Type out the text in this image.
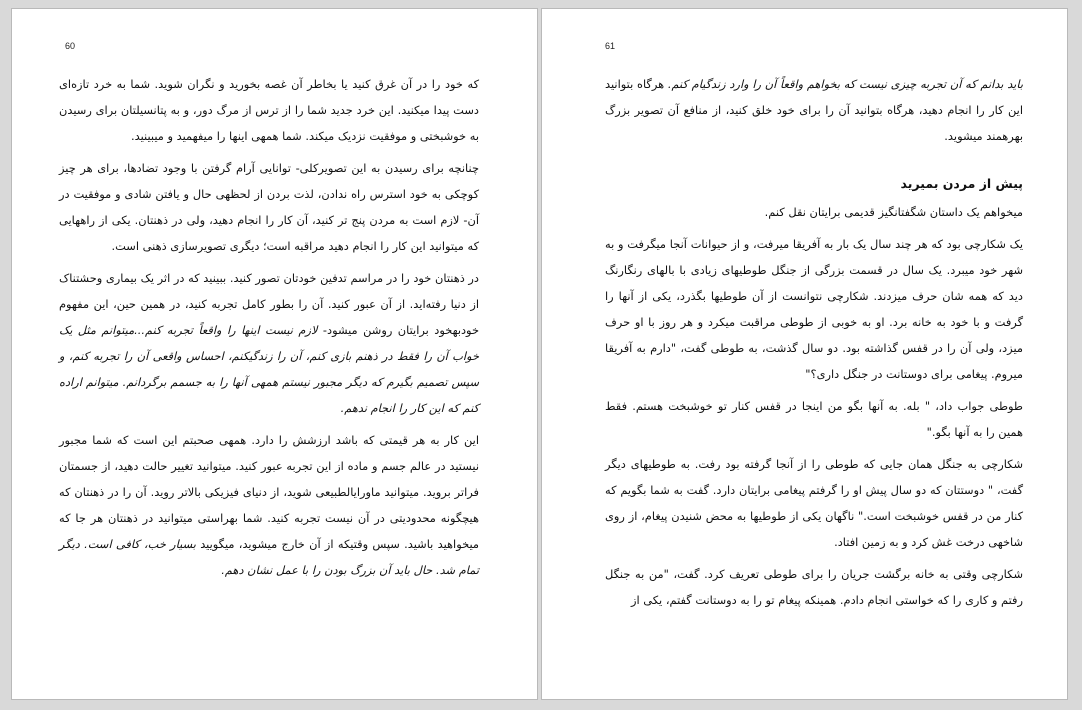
60

که خود را در آن غرق کنید یا بخاطر آن غصه بخورید و نگران شوید. شما به خرد تازه‌ای دست پیدا میکنید. این خرد جدید شما را از ترس از مرگ دور، و به پتانسیلتان برای رسیدن به خوشبختی و موفقیت نزدیک میکند. شما همهی اینها را میفهمید و میبینید.

چنانچه برای رسیدن به این تصویرکلی- توانایی آرام گرفتن با وجود تضادها، برای هر چیز کوچکی به خود استرس راه ندادن، لذت بردن از لحظهی حال و یافتن شادی و موفقیت در آن- لازم است به مردن پنج تر کنید، آن کار را انجام دهید، ولی در ذهنتان. یکی از راههایی که میتوانید این کار را انجام دهید مراقبه است؛ دیگری تصویرسازی ذهنی است.

در ذهنتان خود را در مراسم تدفین خودتان تصور کنید. ببینید که در اثر یک بیماری وحشتناک از دنیا رفته‌اید. از آن عبور کنید. آن را بطور کامل تجربه کنید، در همین حین، این مفهوم خودبهخود برایتان روشن میشود- لازم نیست اینها را واقعاً تجربه کنم...میتوانم مثل یک خواب آن را فقط در ذهنم بازی کنم، آن را زندگیکنم، احساس واقعی آن را تجربه کنم، و سپس تصمیم بگیرم که دیگر مجبور نیستم همهی آنها را به جسمم برگردانم. میتوانم اراده کنم که این کار را انجام ندهم.

این کار به هر قیمتی که باشد ارزشش را دارد. همهی صحبتم این است که شما مجبور نیستید در عالم جسم و ماده از این تجربه عبور کنید. میتوانید تغییر حالت دهید، از جسمتان فراتر بروید. میتوانید ماورایالطبیعی شوید، از دنیای فیزیکی بالاتر روید. آن را در ذهنتان که هیچگونه محدودیتی در آن نیست تجربه کنید. شما بهراستی میتوانید در ذهنتان هر جا که میخواهید باشید. سپس وقتیکه از آن خارج میشوید، میگویید بسیار خب، کافی است. دیگر تمام شد. حال باید آن بزرگ بودن را با عمل نشان دهم.

61

باید بدانم که آن تجربه چیزی نیست که بخواهم واقعاً آن را وارد زندگیام کنم. هرگاه بتوانید این کار را انجام دهید، هرگاه بتوانید آن را برای خود خلق کنید، از منافع آن تصویر بزرگ بهرهمند میشوید.

پیش از مردن بمیرید

میخواهم یک داستان شگفتانگیز قدیمی برایتان نقل کنم.

یک شکارچی بود که هر چند سال یک بار به آفریقا میرفت، و از حیوانات آنجا میگرفت و به شهر خود میبرد. یک سال در قسمت بزرگی از جنگل طوطیهای زیادی با بالهای رنگارنگ دید که همه شان حرف میزدند. شکارچی نتوانست از آن طوطیها بگذرد، یکی از آنها را گرفت و با خود به خانه برد. او به خوبی از طوطی مراقبت میکرد و هر روز با او حرف میزد، ولی آن را در قفس گذاشته بود. دو سال گذشت، به طوطی گفت، "دارم به آفریقا میروم. پیغامی برای دوستانت در جنگل داری؟"

طوطی جواب داد، " بله. به آنها بگو من اینجا در قفس کنار تو خوشبخت هستم. فقط همین را به آنها بگو."

شکارچی به جنگل همان جایی که طوطی را از آنجا گرفته بود رفت. به طوطیهای دیگر گفت، " دوستتان که دو سال پیش او را گرفتم پیغامی برایتان دارد. گفت به شما بگویم که کنار من در قفس خوشبخت است." ناگهان یکی از طوطیها به محض شنیدن پیغام، از روی شاخهی درخت غش کرد و به زمین افتاد.

شکارچی وقتی به خانه برگشت جریان را برای طوطی تعریف کرد. گفت، "من به جنگل رفتم و کاری را که خواستی انجام دادم. همینکه پیغام تو را به دوستانت گفتم، یکی از
